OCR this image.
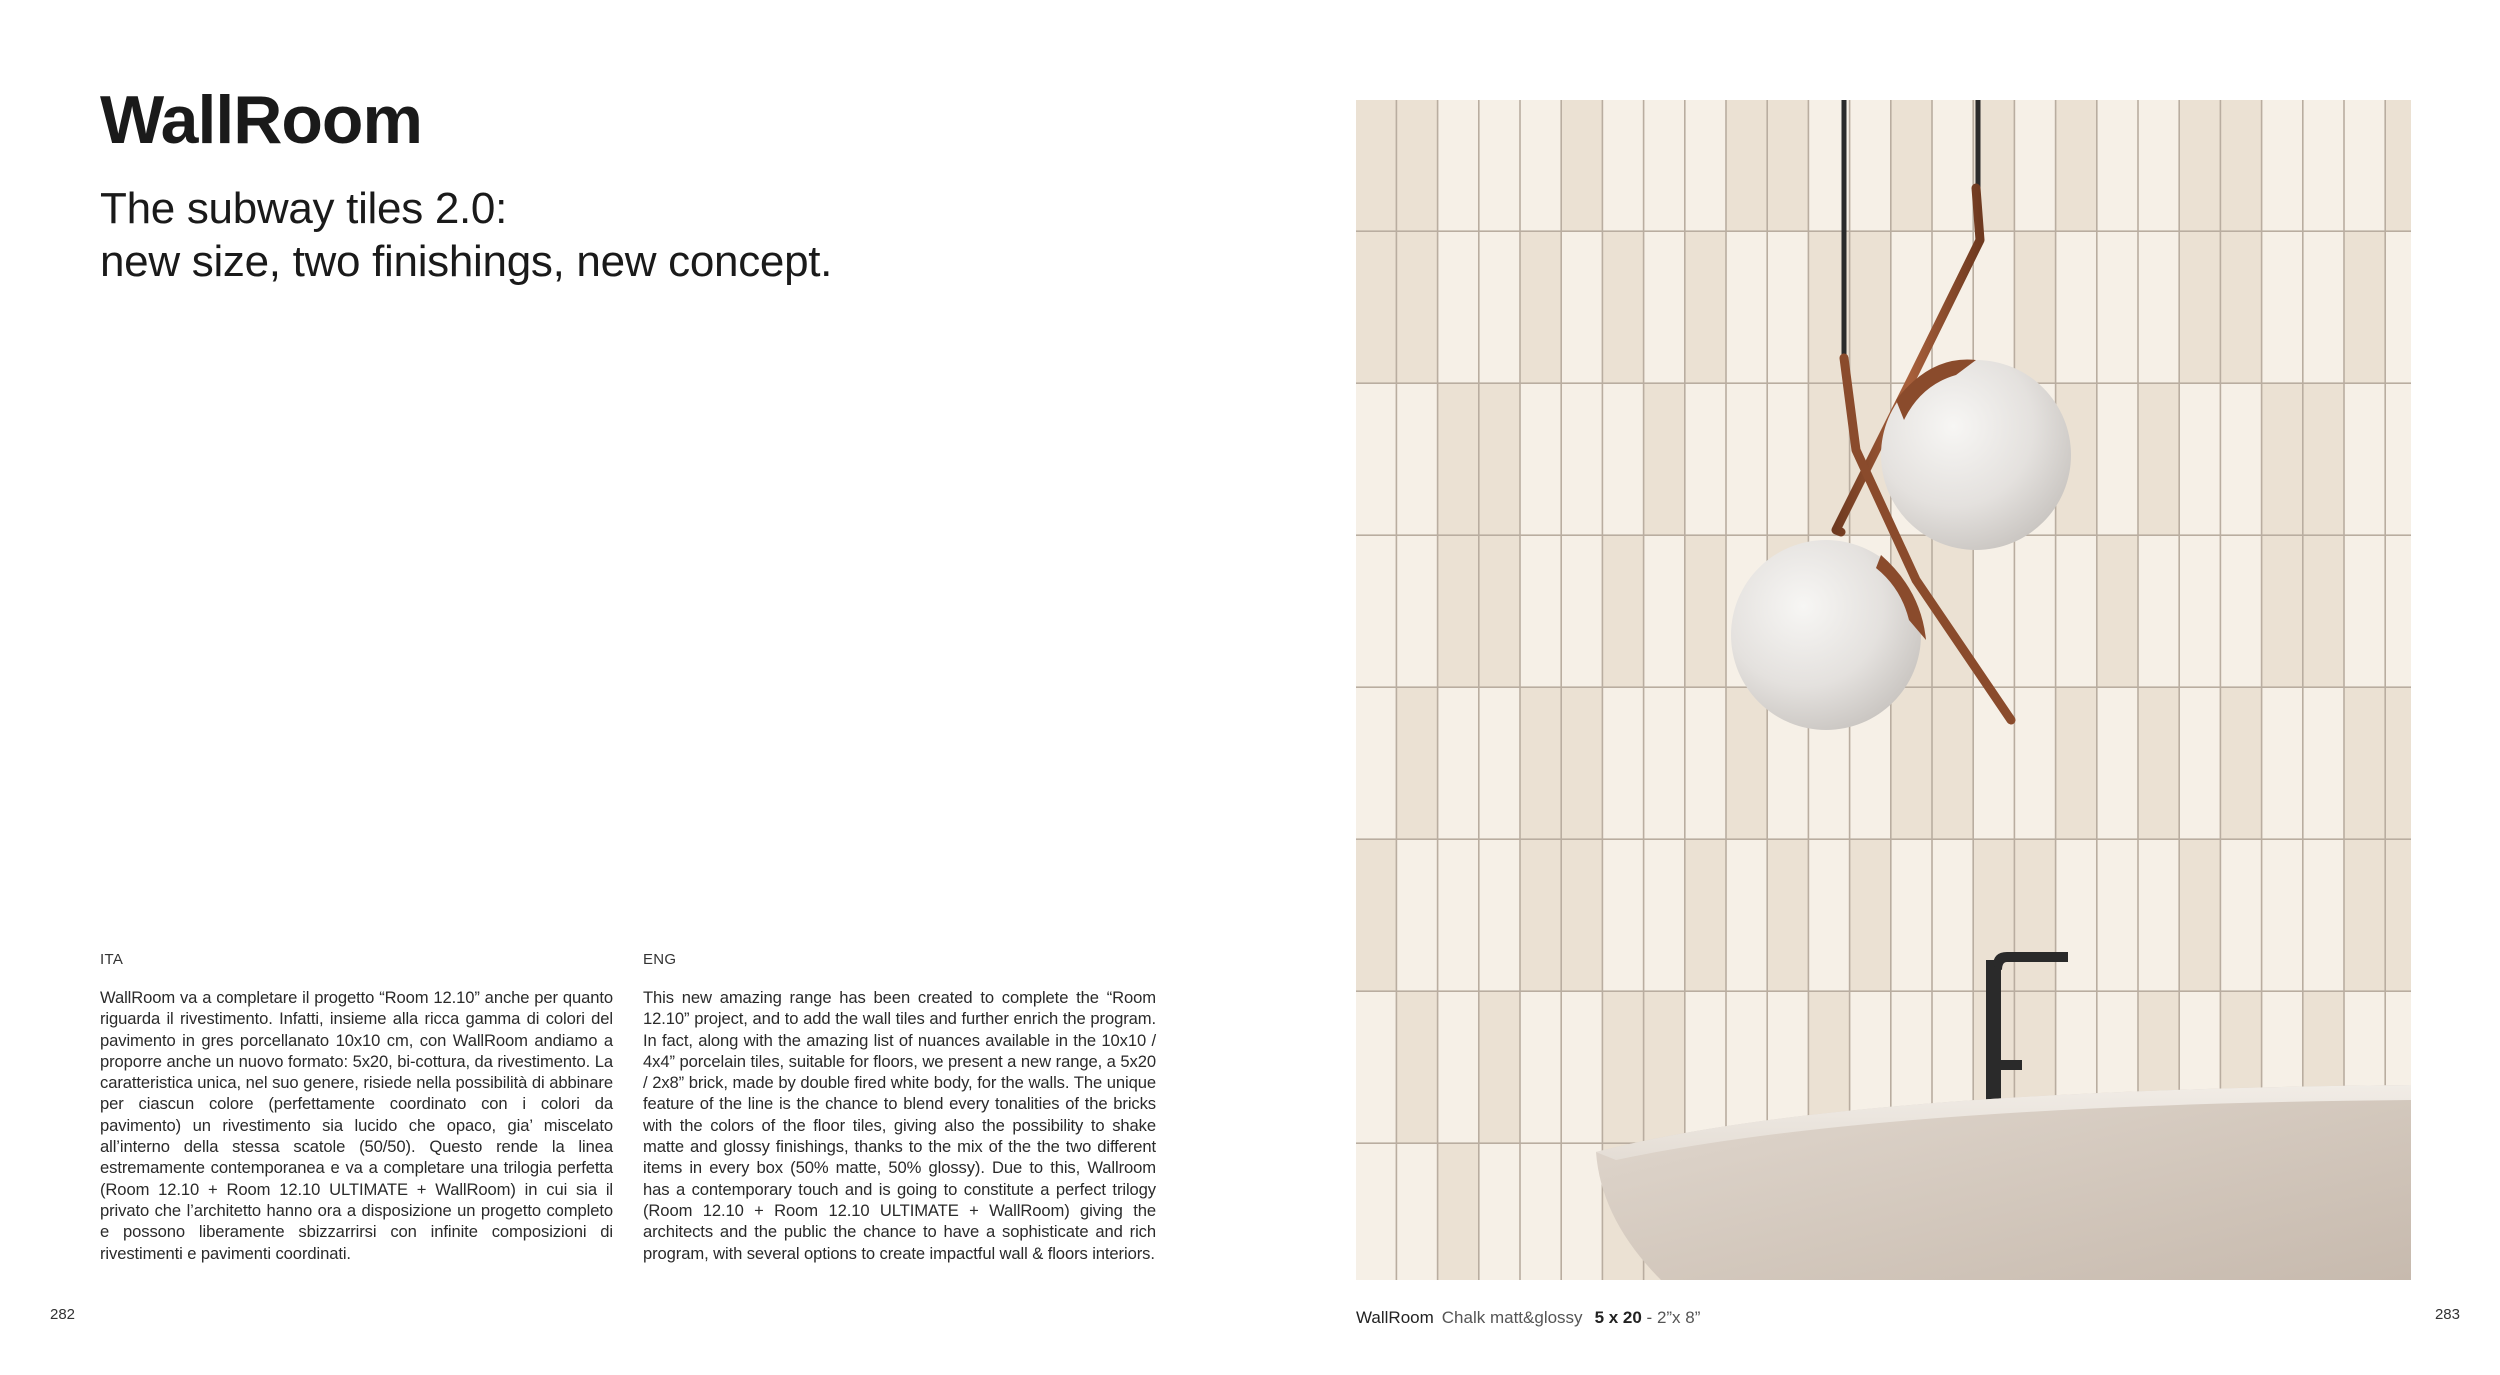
WallRoom
The subway tiles 2.0:
new size, two finishings, new concept.

ITA

WallRoom va a completare il progetto “Room 12.10” anche per quanto riguarda il rivestimento. Infatti, insieme alla ricca gamma di colori del pavimento in gres porcellanato 10x10 cm, con WallRoom andiamo a proporre anche un nuovo formato: 5x20, bi-cottura, da rivestimento. La caratteristica unica, nel suo genere, risiede nella possibilità di abbinare per ciascun colore (perfettamente coordinato con i colori da pavimento) un rivestimento sia lucido che opaco, gia’ miscelato all’interno della stessa scatole (50/50). Questo rende la linea estremamente contemporanea e va a completare una trilogia perfetta (Room 12.10 + Room 12.10 ULTIMATE + WallRoom) in cui sia il privato che l’architetto hanno ora a disposizione un progetto completo e possono liberamente sbizzarrirsi con infinite composizioni di rivestimenti e pavimenti coordinati.

ENG

This new amazing range has been created to complete the “Room 12.10” project, and to add the wall tiles and further enrich the program. In fact, along with the amazing list of nuances available in the 10x10 / 4x4” porcelain tiles, suitable for floors, we present a new range, a 5x20 / 2x8” brick, made by double fired white body, for the walls. The unique feature of the line is the chance to blend every tonalities of the bricks with the colors of the floor tiles, giving also the possibility to shake matte and glossy finishings, thanks to the mix of the the two different items in every box (50% matte, 50% glossy). Due to this, Wallroom has a contemporary touch and is going to constitute a perfect trilogy (Room 12.10 + Room 12.10 ULTIMATE + WallRoom) giving the architects and the public the chance to have a sophisticate and rich program, with several options to create impactful wall & floors interiors.

282	283

WallRoom Chalk matt&glossy 5 x 20 - 2”x 8”
